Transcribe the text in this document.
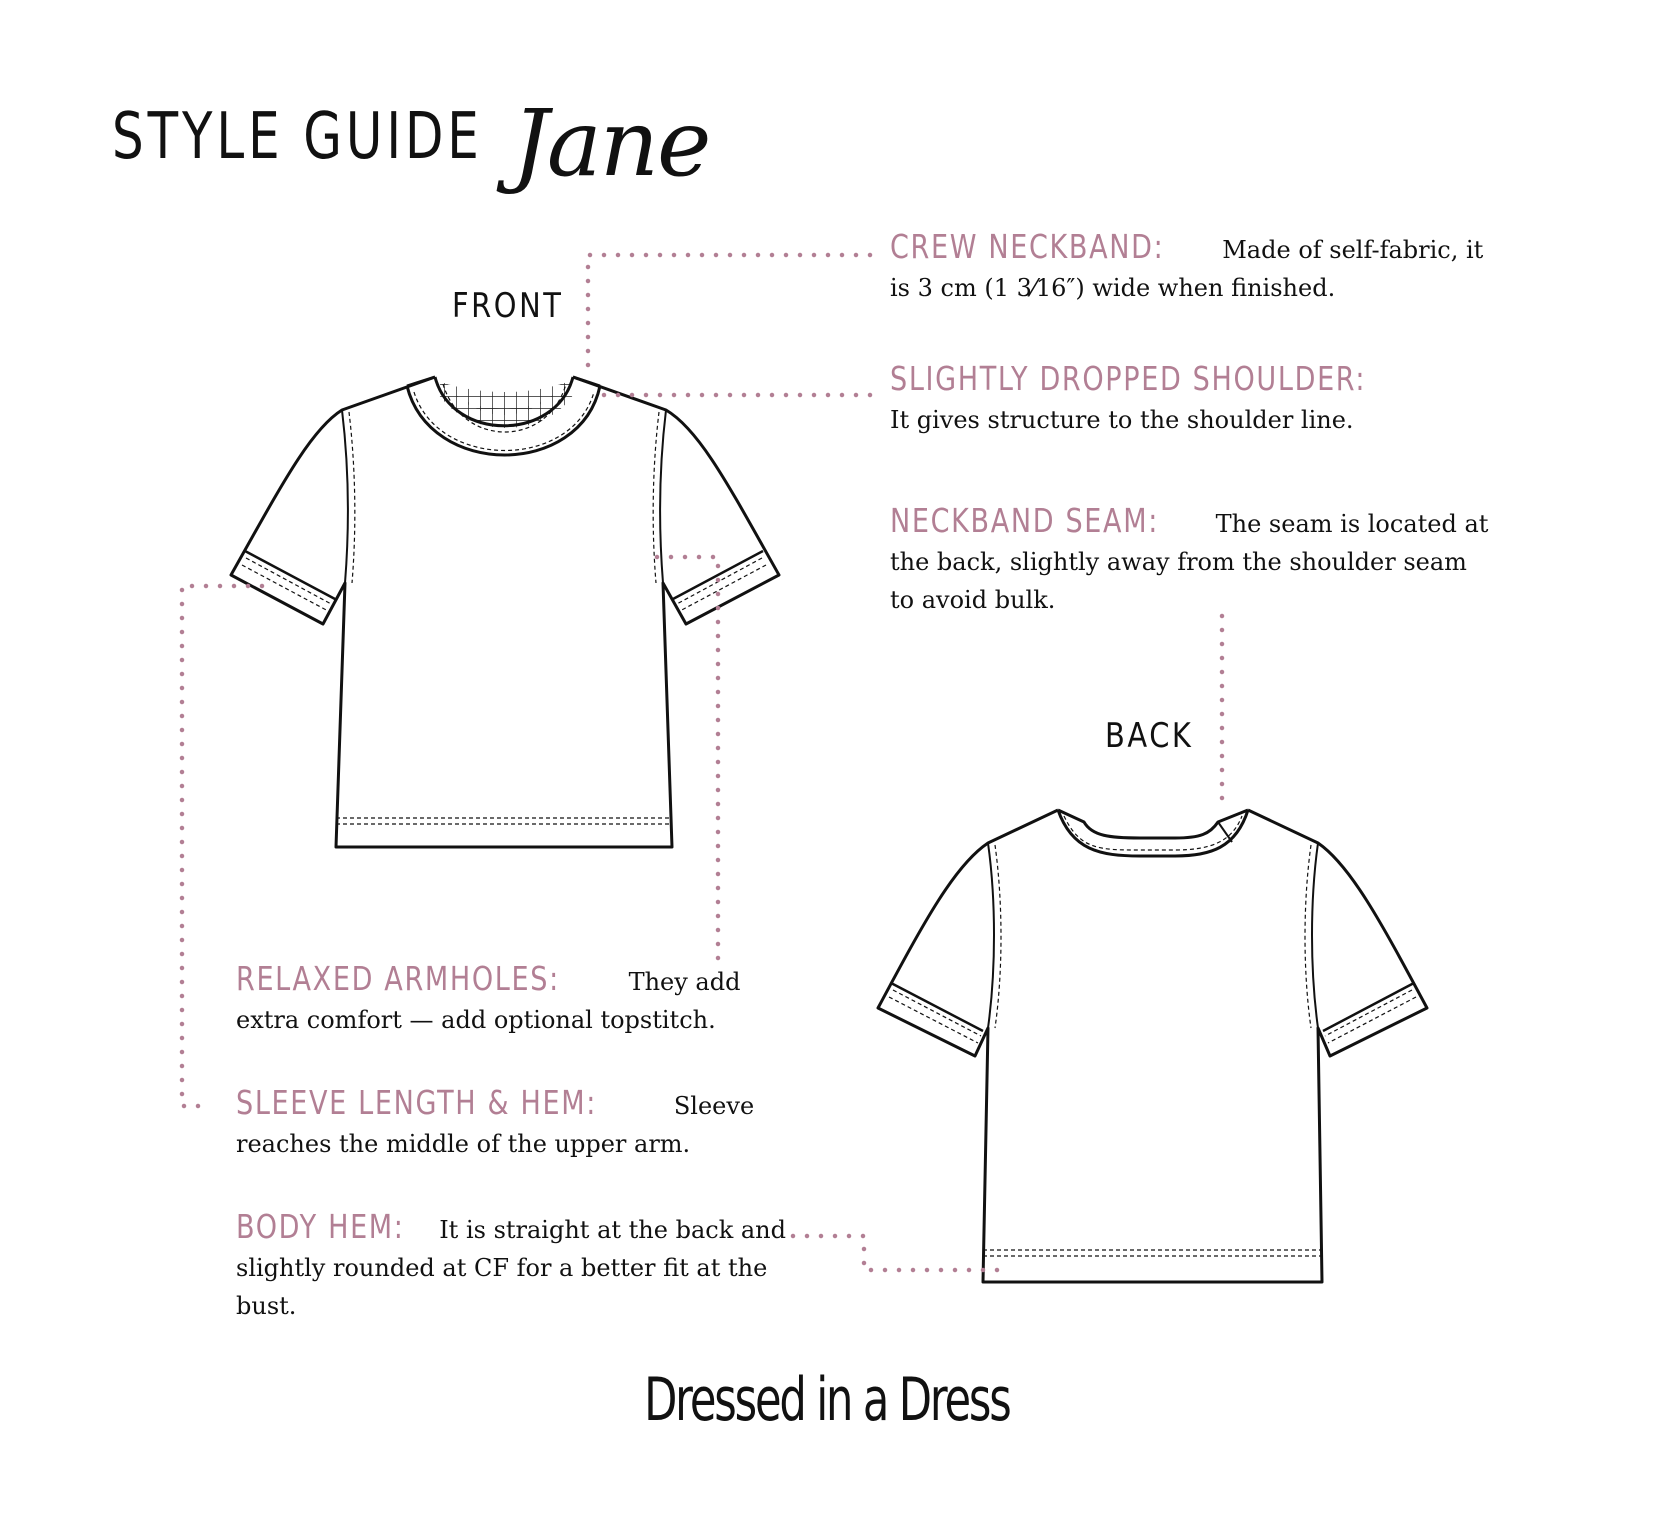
STYLE GUIDE Jane
FRONT
BACK
CREW NECKBAND: Made of self-fabric, it is 3 cm (1 3⁄16″) wide when finished.
SLIGHTLY DROPPED SHOULDER:
It gives structure to the shoulder line.
NECKBAND SEAM: The seam is located at the back, slightly away from the shoulder seam to avoid bulk.
RELAXED ARMHOLES:	They add extra comfort — add optional topstitch.
SLEEVE LENGTH & HEM:	Sleeve reaches the middle of the upper arm.
BODY HEM: It is straight at the back and slightly rounded at CF for a better fit at the bust.
Dressed in a Dress
